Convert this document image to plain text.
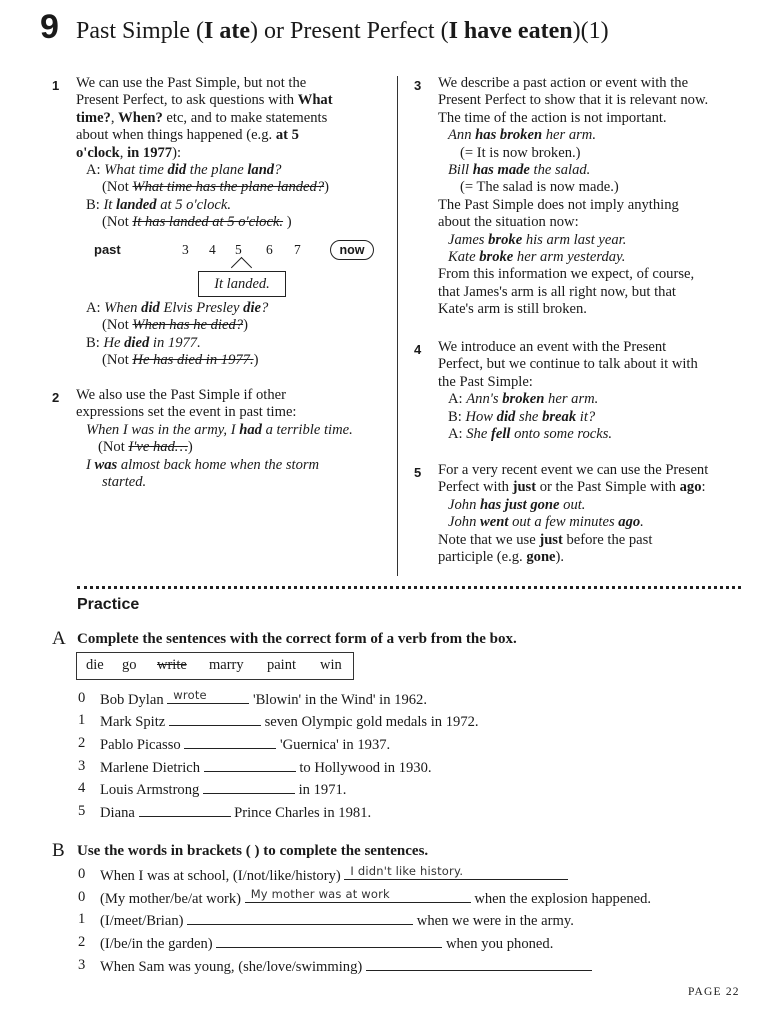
9 Past Simple (I ate) or Present Perfect (I have eaten)(1)
1 We can use the Past Simple, but not the

Present Perfect, to ask questions with What

time?, When? etc, and to make statements

about when things happened (e.g. at 5

o'clock, in 1977):

A: What time did the plane land?

(Not What time has the plane landed?)

B: It landed at 5 o'clock.

(Not It has landed at 5 o'clock. )

past	3 4 5 6 7	now
It landed.

A: When did Elvis Presley die?

(Not When has he died?)

B: He died in 1977.

(Not He has died in 1977.)

2 We also use the Past Simple if other

expressions set the event in past time:

When I was in the army, I had a terrible time.

(Not I've had…)

I was almost back home when the storm

started.

3 We describe a past action or event with the

Present Perfect to show that it is relevant now.

The time of the action is not important.

Ann has broken her arm.

(= It is now broken.)

Bill has made the salad.

(= The salad is now made.)

The Past Simple does not imply anything

about the situation now:

James broke his arm last year.

Kate broke her arm yesterday.

From this information we expect, of course,

that James's arm is all right now, but that

Kate's arm is still broken.

4 We introduce an event with the Present

Perfect, but we continue to talk about it with

the Past Simple:

A: Ann's broken her arm.

B: How did she break it?

A: She fell onto some rocks.

5 For a very recent event we can use the Present

Perfect with just or the Past Simple with ago:

John has just gone out.

John went out a few minutes ago.

Note that we use just before the past

participle (e.g. gone).

Practice
A Complete the sentences with the correct form of a verb from the box.
die go write marry paint win
0 Bob Dylan wrote	'Blowin' in the Wind' in 1962.
1 Mark Spitz	seven Olympic gold medals in 1972.
2 Pablo Picasso	'Guernica' in 1937.
3 Marlene Dietrich	to Hollywood in 1930.
4 Louis Armstrong	in 1971.
5 Diana	Prince Charles in 1981.
B Use the words in brackets ( ) to complete the sentences.
0 When I was at school, (I/not/like/history) I didn't like history.
0 (My mother/be/at work) My mother was at work	when the explosion happened.
1 (I/meet/Brian)	when we were in the army.
2 (I/be/in the garden)	when you phoned.
3 When Sam was young, (she/love/swimming)
PAGE 22
